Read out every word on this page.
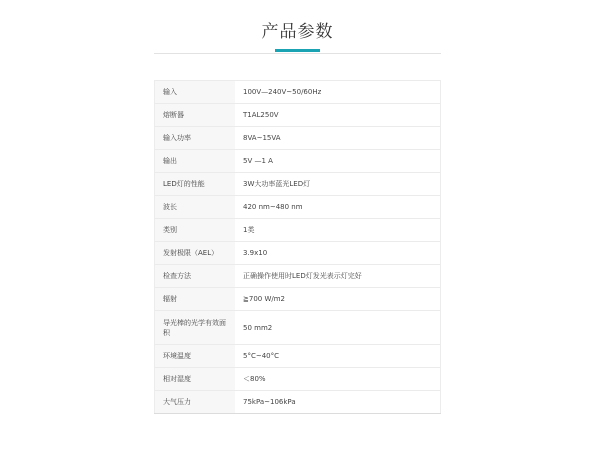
产品参数
输入	100V—240V~50/60Hz
熔断器	T1AL250V
输入功率	8VA~15VA
输出	5V —1 A
LED灯的性能	3W大功率蓝光LED灯
波长	420 nm~480 nm
类别	1类
发射极限（AEL）	3.9x10
检查方法	正确操作使用时LED灯发光表示灯完好
辐射	≧700 W/m2
导光棒的光学有效面积	50 mm2
环境温度	5°C~40°C
相对湿度	＜80%
大气压力	75kPa~106kPa
